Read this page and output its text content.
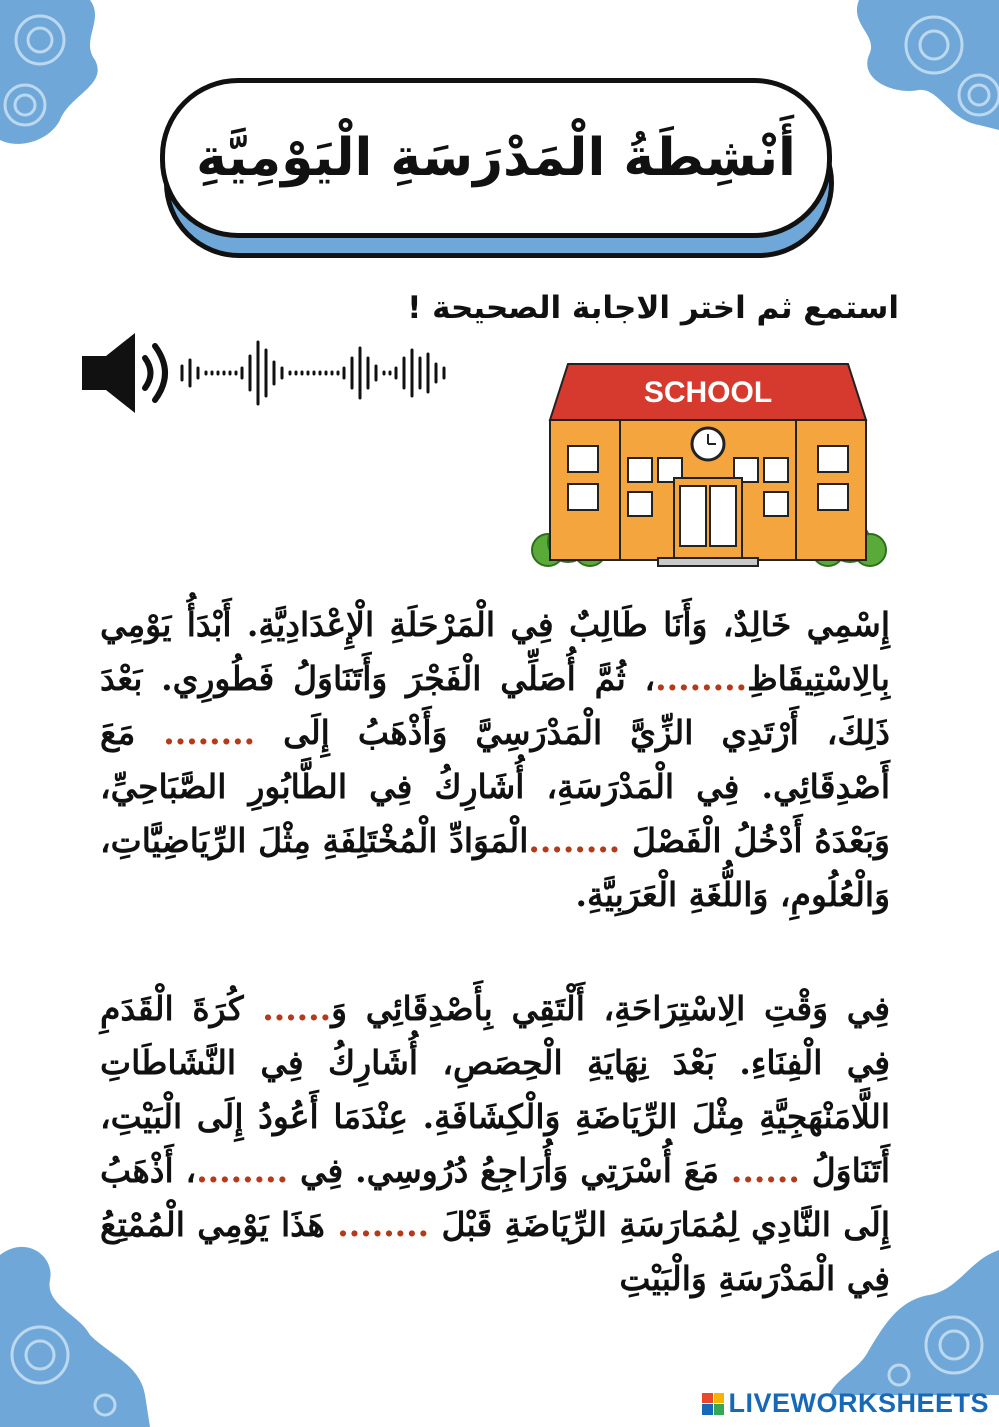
أَنْشِطَةُ الْمَدْرَسَةِ الْيَوْمِيَّةِ
استمع ثم اختر الاجابة الصحيحة !
SCHOOL
إِسْمِي خَالِدٌ، وَأَنَا طَالِبٌ فِي الْمَرْحَلَةِ الْإِعْدَادِيَّةِ. أَبْدَأُ يَوْمِي بِالِاسْتِيقَاظِ........، ثُمَّ أُصَلِّي الْفَجْرَ وَأَتَنَاوَلُ فَطُورِي. بَعْدَ ذَلِكَ، أَرْتَدِي الزِّيَّ الْمَدْرَسِيَّ وَأَذْهَبُ إِلَى ........ مَعَ أَصْدِقَائِي. فِي الْمَدْرَسَةِ، أُشَارِكُ فِي الطَّابُورِ الصَّبَاحِيِّ، وَبَعْدَهُ أَدْخُلُ الْفَصْلَ ........الْمَوَادِّ الْمُخْتَلِفَةِ مِثْلَ الرِّيَاضِيَّاتِ، وَالْعُلُومِ، وَاللُّغَةِ الْعَرَبِيَّةِ.
فِي وَقْتِ الِاسْتِرَاحَةِ، أَلْتَقِي بِأَصْدِقَائِي وَ...... كُرَةَ الْقَدَمِ فِي الْفِنَاءِ. بَعْدَ نِهَايَةِ الْحِصَصِ، أُشَارِكُ فِي النَّشَاطَاتِ اللَّامَنْهَجِيَّةِ مِثْلَ الرِّيَاضَةِ وَالْكِشَافَةِ. عِنْدَمَا أَعُودُ إِلَى الْبَيْتِ، أَتَنَاوَلُ ...... مَعَ أُسْرَتِي وَأُرَاجِعُ دُرُوسِي. فِي ........، أَذْهَبُ إِلَى النَّادِي لِمُمَارَسَةِ الرِّيَاضَةِ قَبْلَ ........ هَذَا يَوْمِي الْمُمْتِعُ فِي الْمَدْرَسَةِ وَالْبَيْتِ
LIVEWORKSHEETS
